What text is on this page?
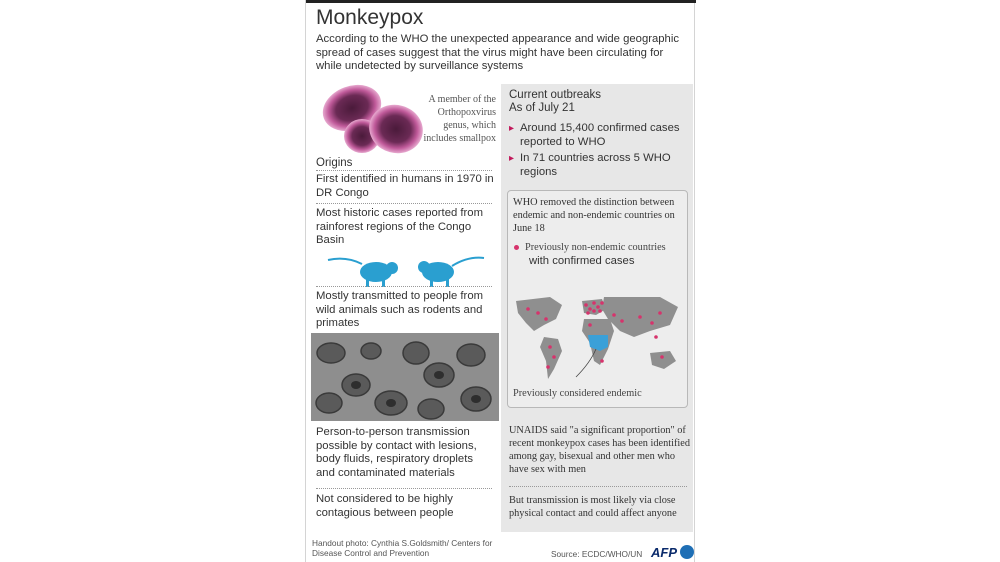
Monkeypox
According to the WHO the unexpected appearance and wide geographic spread of cases suggest that the virus might have been circulating for while undetected by surveillance systems
A member of the Orthopoxvirus genus, which includes smallpox
Origins
First identified in humans in 1970 in DR Congo
Most historic cases reported from rainforest regions of the Congo Basin
Mostly transmitted to people from wild animals such as rodents and primates
Person-to-person transmission possible by contact with lesions, body fluids, respiratory droplets and contaminated materials
Not considered to be highly contagious between people
Current outbreaks
As of July 21
▸ Around 15,400 confirmed cases reported to WHO
▸ In 71 countries across 5 WHO regions
WHO removed the distinction between endemic and non-endemic countries on June 18
Previously non-endemic countries
with confirmed cases
Previously considered endemic
UNAIDS said "a significant proportion" of recent monkeypox cases has been identified among gay, bisexual and other men who have sex with men
But transmission is most likely via close physical contact and could affect anyone
Handout photo: Cynthia S.Goldsmith/ Centers for Disease Control and Prevention	Source: ECDC/WHO/UN AFP
